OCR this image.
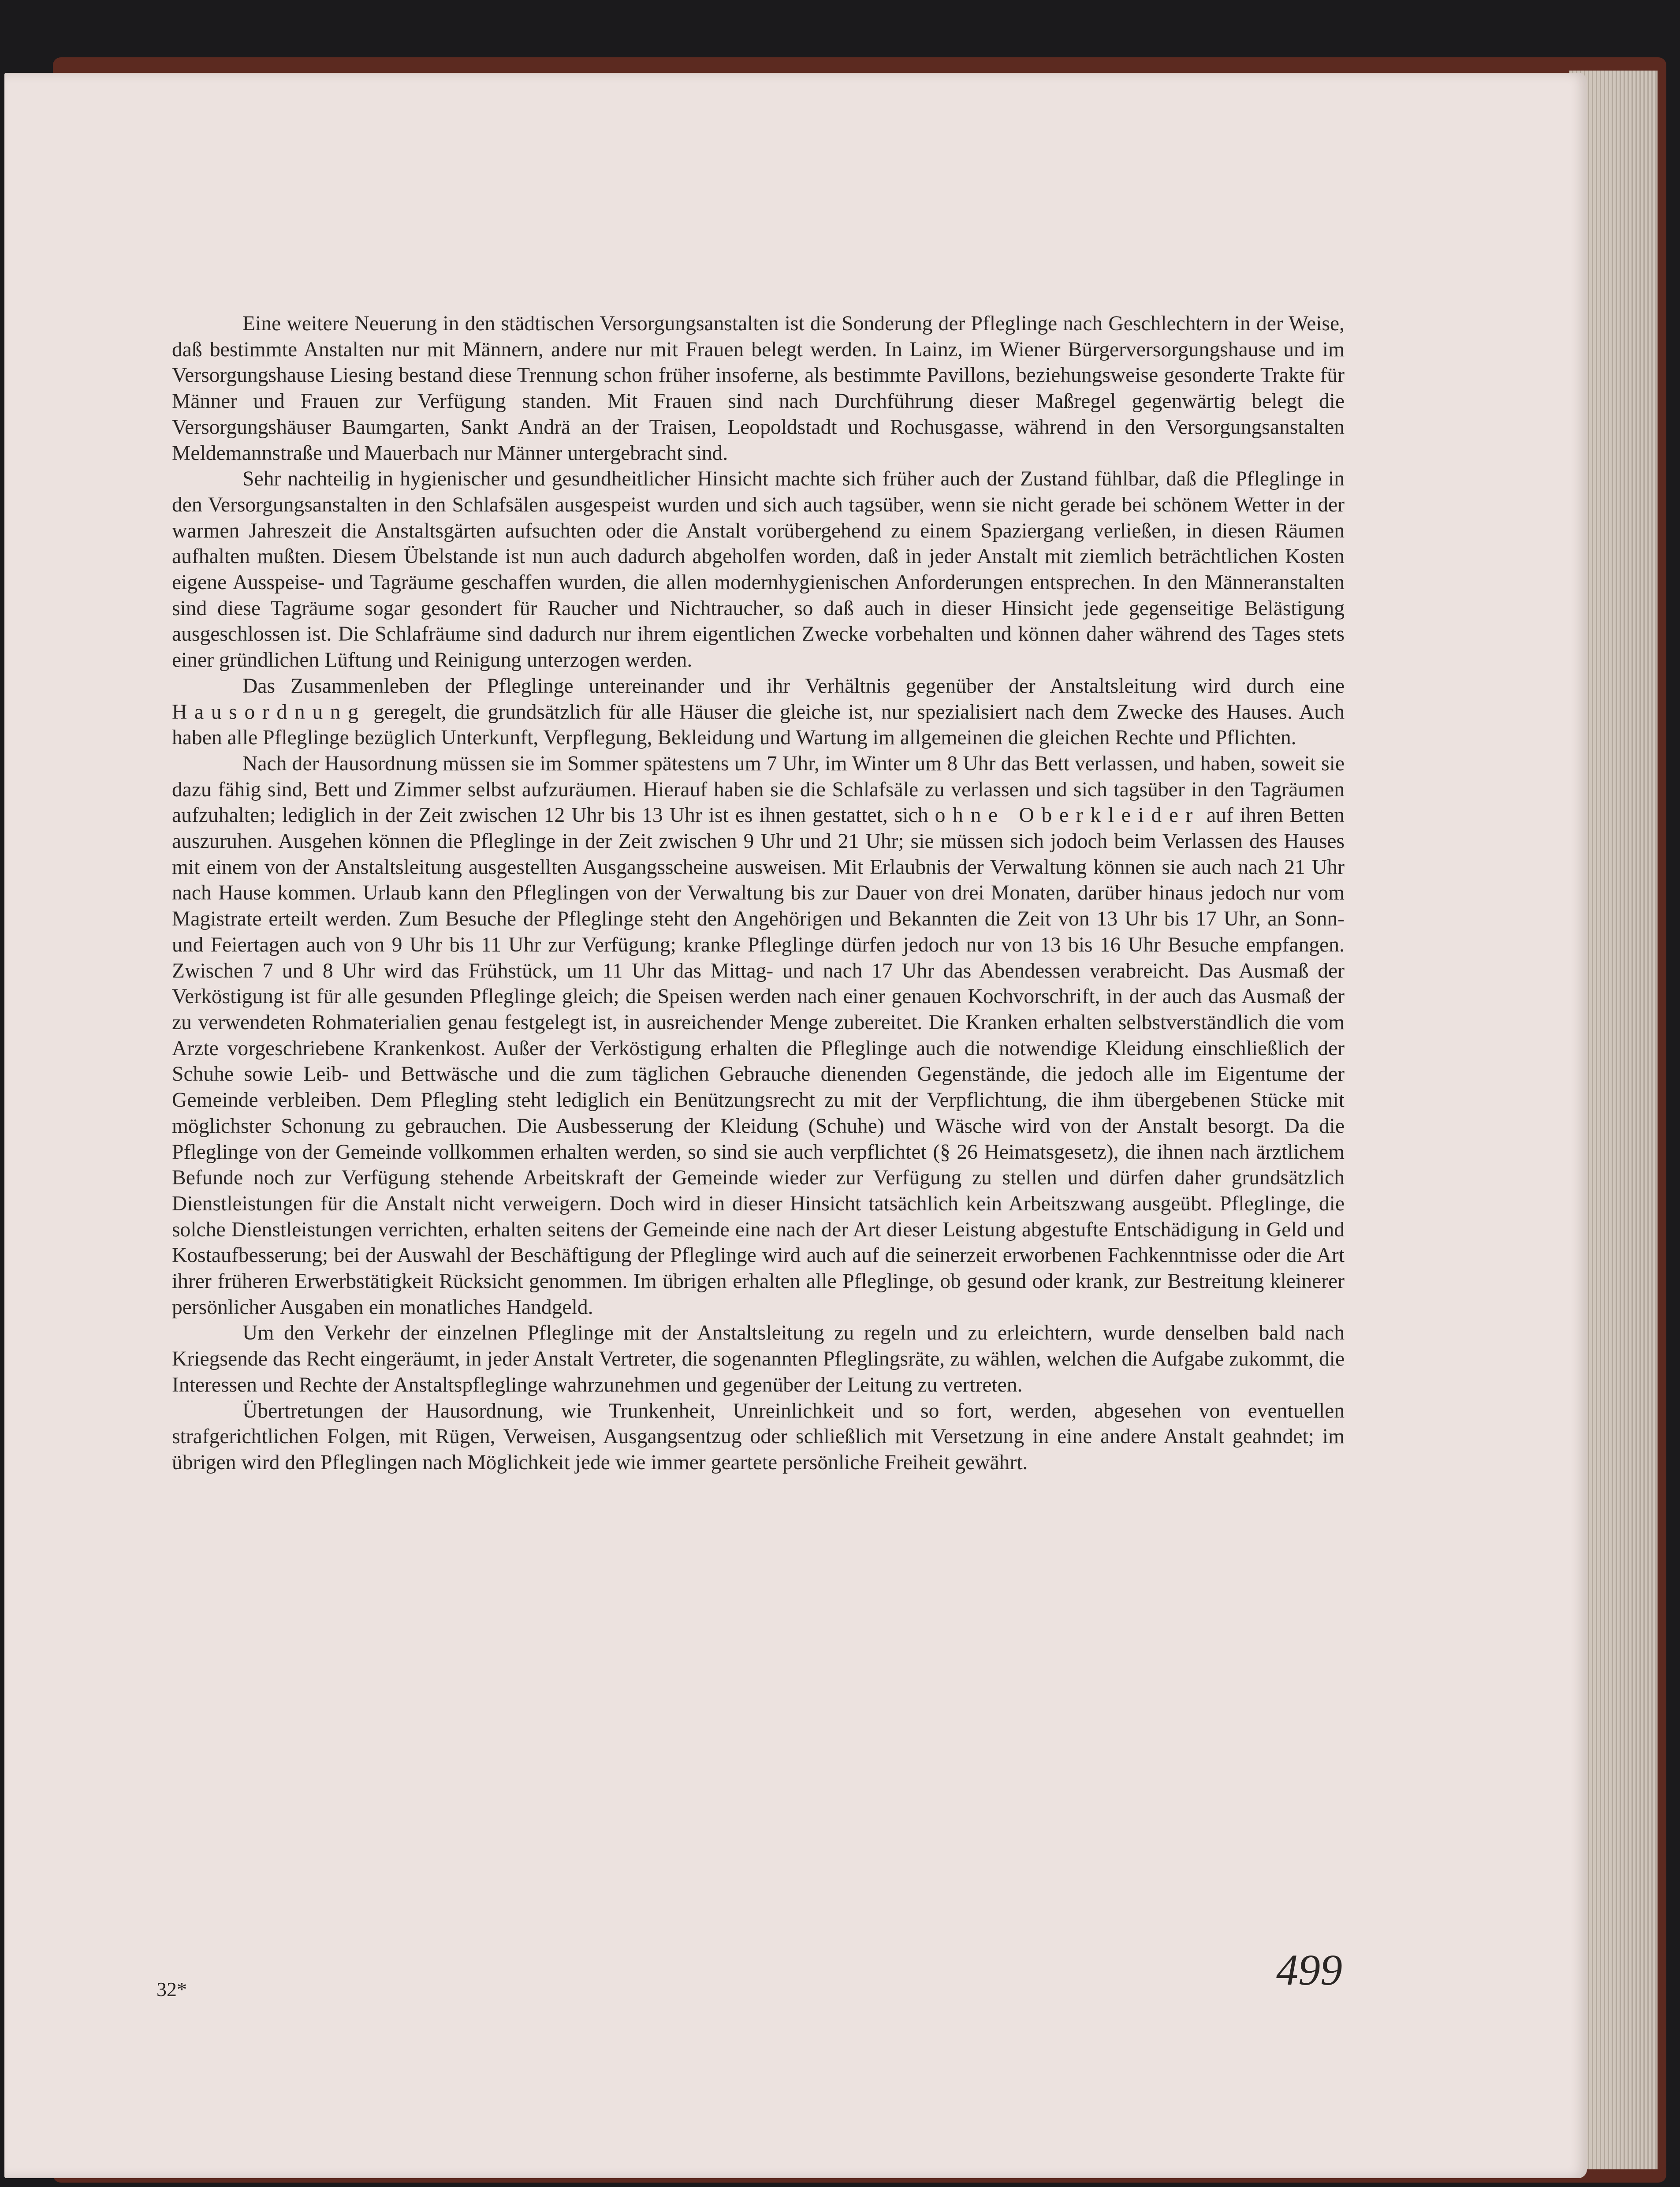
Eine weitere Neuerung in den städtischen Versorgungsanstalten ist die Sonderung der Pfleglinge nach Geschlechtern in der Weise, daß bestimmte Anstalten nur mit Männern, andere nur mit Frauen belegt werden. In Lainz, im Wiener Bürgerversorgungshause und im Versorgungshause Liesing bestand diese Trennung schon früher insoferne, als bestimmte Pavillons, beziehungsweise gesonderte Trakte für Männer und Frauen zur Verfügung standen. Mit Frauen sind nach Durchführung dieser Maßregel gegenwärtig belegt die Versorgungshäuser Baumgarten, Sankt Andrä an der Traisen, Leopoldstadt und Rochusgasse, während in den Versorgungsanstalten Meldemannstraße und Mauerbach nur Männer untergebracht sind.

Sehr nachteilig in hygienischer und gesundheitlicher Hinsicht machte sich früher auch der Zustand fühlbar, daß die Pfleglinge in den Versorgungsanstalten in den Schlafsälen ausgespeist wurden und sich auch tagsüber, wenn sie nicht gerade bei schönem Wetter in der warmen Jahreszeit die Anstaltsgärten aufsuchten oder die Anstalt vorübergehend zu einem Spaziergang verließen, in diesen Räumen aufhalten mußten. Diesem Übelstande ist nun auch dadurch abgeholfen worden, daß in jeder Anstalt mit ziemlich beträchtlichen Kosten eigene Ausspeise- und Tagräume geschaffen wurden, die allen modernhygienischen Anforderungen entsprechen. In den Männeranstalten sind diese Tagräume sogar gesondert für Raucher und Nichtraucher, so daß auch in dieser Hinsicht jede gegenseitige Belästigung ausgeschlossen ist. Die Schlafräume sind dadurch nur ihrem eigentlichen Zwecke vorbehalten und können daher während des Tages stets einer gründlichen Lüftung und Reinigung unterzogen werden.

Das Zusammenleben der Pfleglinge untereinander und ihr Verhältnis gegenüber der Anstaltsleitung wird durch eine Hausordnung geregelt, die grundsätzlich für alle Häuser die gleiche ist, nur spezialisiert nach dem Zwecke des Hauses. Auch haben alle Pfleglinge bezüglich Unterkunft, Verpflegung, Bekleidung und Wartung im allgemeinen die gleichen Rechte und Pflichten.

Nach der Hausordnung müssen sie im Sommer spätestens um 7 Uhr, im Winter um 8 Uhr das Bett verlassen, und haben, soweit sie dazu fähig sind, Bett und Zimmer selbst aufzuräumen. Hierauf haben sie die Schlafsäle zu verlassen und sich tagsüber in den Tagräumen aufzuhalten; lediglich in der Zeit zwischen 12 Uhr bis 13 Uhr ist es ihnen gestattet, sich ohne Oberkleider auf ihren Betten auszuruhen. Ausgehen können die Pfleglinge in der Zeit zwischen 9 Uhr und 21 Uhr; sie müssen sich jodoch beim Verlassen des Hauses mit einem von der Anstaltsleitung ausgestellten Ausgangsscheine ausweisen. Mit Erlaubnis der Verwaltung können sie auch nach 21 Uhr nach Hause kommen. Urlaub kann den Pfleglingen von der Verwaltung bis zur Dauer von drei Monaten, darüber hinaus jedoch nur vom Magistrate erteilt werden. Zum Besuche der Pfleglinge steht den Angehörigen und Bekannten die Zeit von 13 Uhr bis 17 Uhr, an Sonn- und Feiertagen auch von 9 Uhr bis 11 Uhr zur Verfügung; kranke Pfleglinge dürfen jedoch nur von 13 bis 16 Uhr Besuche empfangen. Zwischen 7 und 8 Uhr wird das Frühstück, um 11 Uhr das Mittag- und nach 17 Uhr das Abendessen verabreicht. Das Ausmaß der Verköstigung ist für alle gesunden Pfleglinge gleich; die Speisen werden nach einer genauen Kochvorschrift, in der auch das Ausmaß der zu verwendeten Rohmaterialien genau festgelegt ist, in ausreichender Menge zubereitet. Die Kranken erhalten selbstverständlich die vom Arzte vorgeschriebene Krankenkost. Außer der Verköstigung erhalten die Pfleglinge auch die notwendige Kleidung einschließlich der Schuhe sowie Leib- und Bettwäsche und die zum täglichen Gebrauche dienenden Gegenstände, die jedoch alle im Eigentume der Gemeinde verbleiben. Dem Pflegling steht lediglich ein Benützungsrecht zu mit der Verpflichtung, die ihm übergebenen Stücke mit möglichster Schonung zu gebrauchen. Die Ausbesserung der Kleidung (Schuhe) und Wäsche wird von der Anstalt besorgt. Da die Pfleglinge von der Gemeinde vollkommen erhalten werden, so sind sie auch verpflichtet (§ 26 Heimatsgesetz), die ihnen nach ärztlichem Befunde noch zur Verfügung stehende Arbeitskraft der Gemeinde wieder zur Verfügung zu stellen und dürfen daher grundsätzlich Dienstleistungen für die Anstalt nicht verweigern. Doch wird in dieser Hinsicht tatsächlich kein Arbeitszwang ausgeübt. Pfleglinge, die solche Dienstleistungen verrichten, erhalten seitens der Gemeinde eine nach der Art dieser Leistung abgestufte Entschädigung in Geld und Kostaufbesserung; bei der Auswahl der Beschäftigung der Pfleglinge wird auch auf die seinerzeit erworbenen Fachkenntnisse oder die Art ihrer früheren Erwerbstätigkeit Rücksicht genommen. Im übrigen erhalten alle Pfleglinge, ob gesund oder krank, zur Bestreitung kleinerer persönlicher Ausgaben ein monatliches Handgeld.

Um den Verkehr der einzelnen Pfleglinge mit der Anstaltsleitung zu regeln und zu erleichtern, wurde denselben bald nach Kriegsende das Recht eingeräumt, in jeder Anstalt Vertreter, die sogenannten Pfleglingsräte, zu wählen, welchen die Aufgabe zukommt, die Interessen und Rechte der Anstaltspfleglinge wahrzunehmen und gegenüber der Leitung zu vertreten.

Übertretungen der Hausordnung, wie Trunkenheit, Unreinlichkeit und so fort, werden, abgesehen von eventuellen strafgerichtlichen Folgen, mit Rügen, Verweisen, Ausgangsentzug oder schließlich mit Versetzung in eine andere Anstalt geahndet; im übrigen wird den Pfleglingen nach Möglichkeit jede wie immer geartete persönliche Freiheit gewährt.

32*	499
